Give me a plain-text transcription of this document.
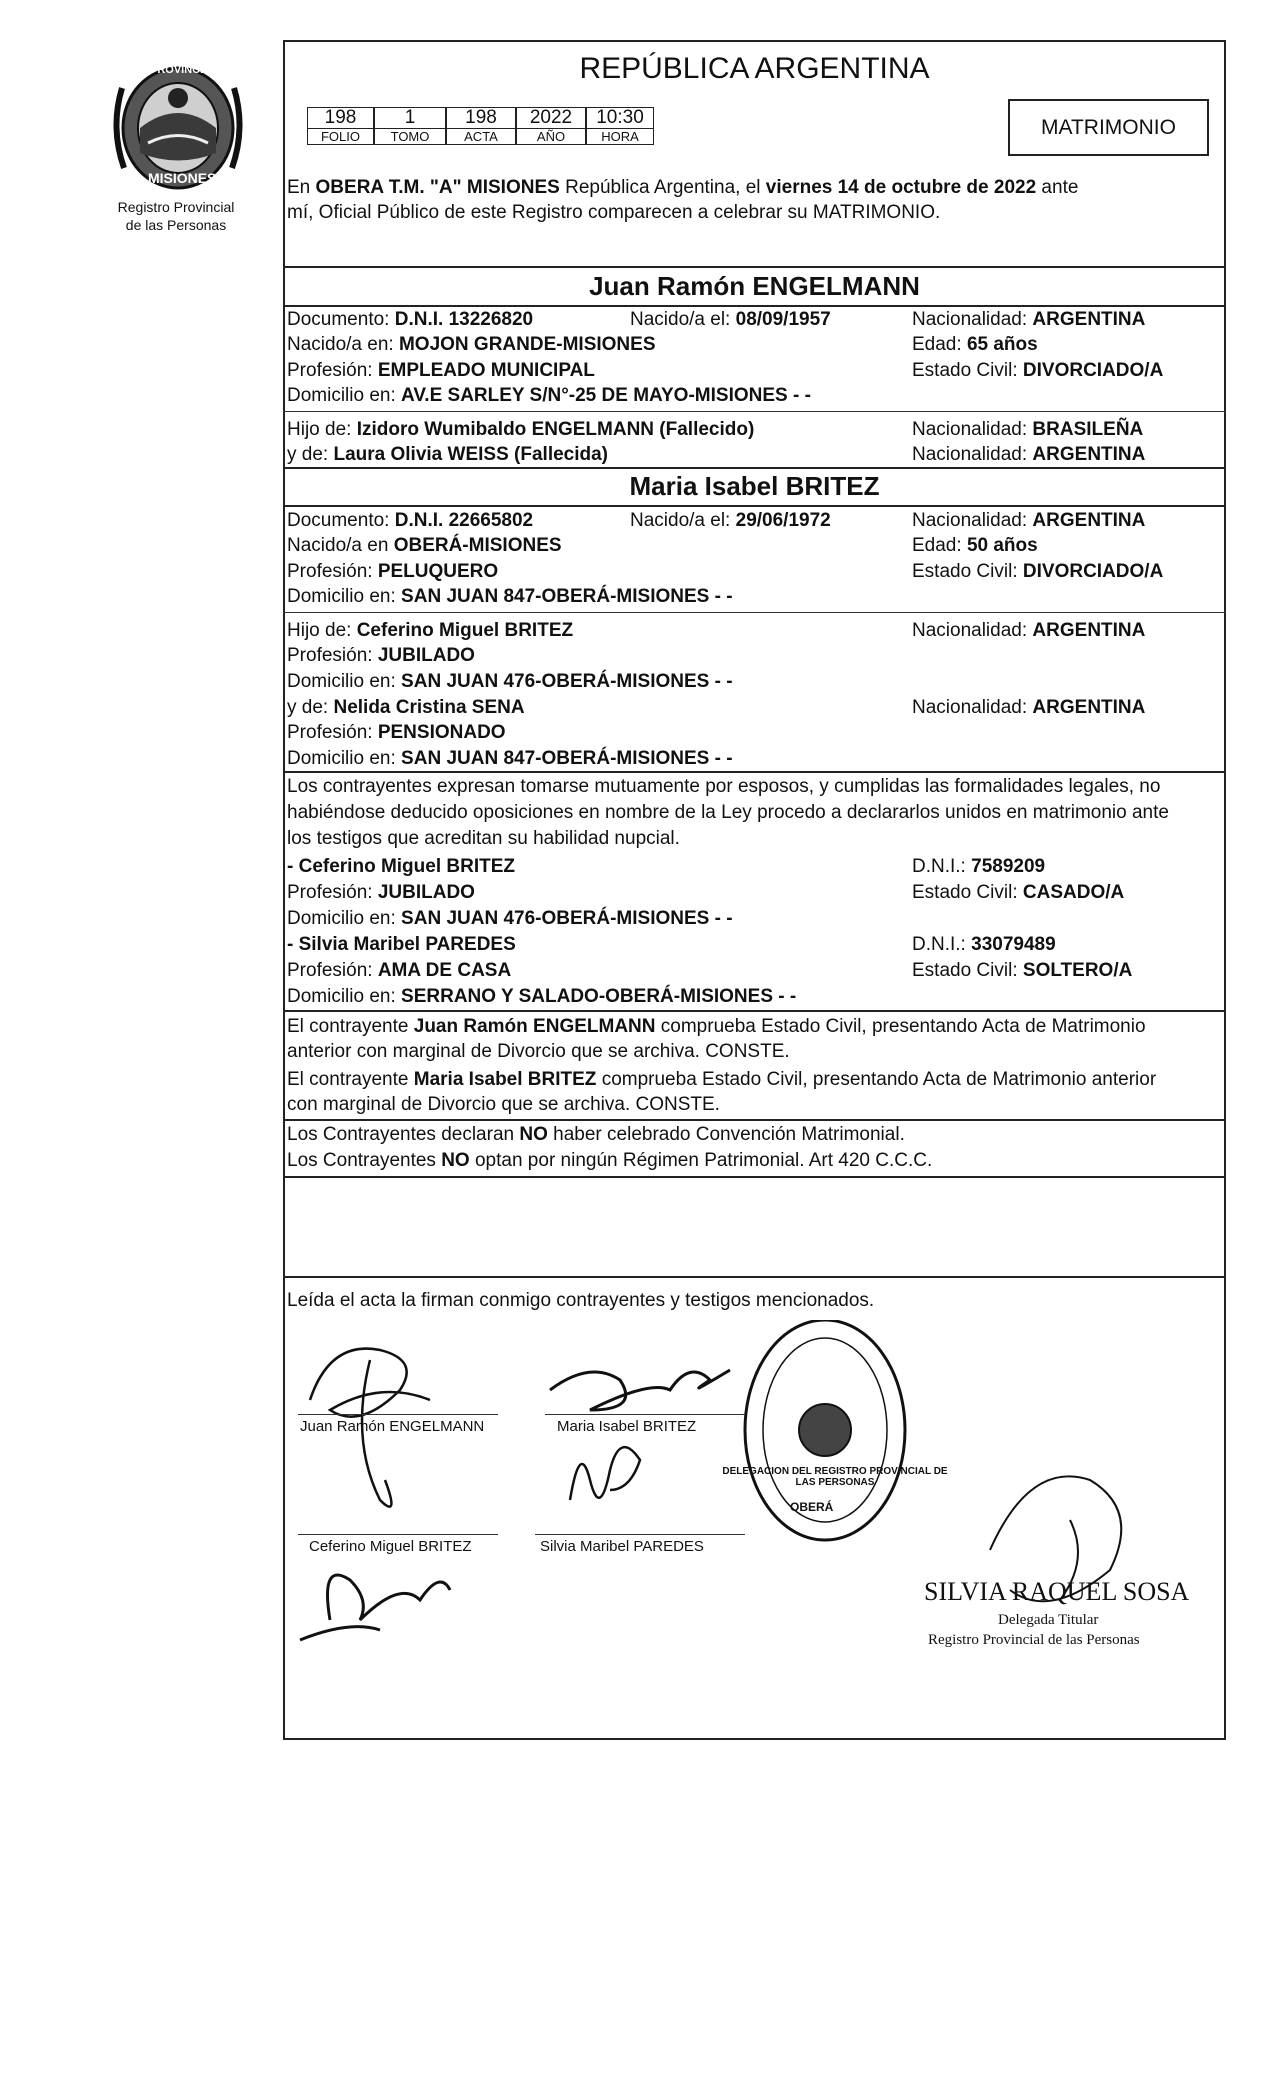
PROVINCIA DE
MISIONES
Registro Provincial
de las Personas
REPÚBLICA ARGENTINA
198	1	198	2022	10:30
FOLIO	TOMO	ACTA	AÑO	HORA	MATRIMONIO
En OBERA T.M. "A" MISIONES República Argentina, el viernes 14 de octubre de 2022 ante
mí, Oficial Público de este Registro comparecen a celebrar su MATRIMONIO.
Juan Ramón ENGELMANN
Documento: D.N.I. 13226820	Nacido/a el: 08/09/1957	Nacionalidad: ARGENTINA
Nacido/a en: MOJON GRANDE-MISIONES	Edad: 65 años
Profesión: EMPLEADO MUNICIPAL	Estado Civil: DIVORCIADO/A
Domicilio en: AV.E SARLEY S/N°-25 DE MAYO-MISIONES - -
Hijo de: Izidoro Wumibaldo ENGELMANN (Fallecido)	Nacionalidad: BRASILEÑA
y de: Laura Olivia WEISS (Fallecida)	Nacionalidad: ARGENTINA
Maria Isabel BRITEZ
Documento: D.N.I. 22665802	Nacido/a el: 29/06/1972	Nacionalidad: ARGENTINA
Nacido/a en OBERÁ-MISIONES	Edad: 50 años
Profesión: PELUQUERO	Estado Civil: DIVORCIADO/A
Domicilio en: SAN JUAN 847-OBERÁ-MISIONES - -
Hijo de: Ceferino Miguel BRITEZ	Nacionalidad: ARGENTINA
Profesión: JUBILADO
Domicilio en: SAN JUAN 476-OBERÁ-MISIONES - -
y de: Nelida Cristina SENA	Nacionalidad: ARGENTINA
Profesión: PENSIONADO
Domicilio en: SAN JUAN 847-OBERÁ-MISIONES - -
Los contrayentes expresan tomarse mutuamente por esposos, y cumplidas las formalidades legales, no
habiéndose deducido oposiciones en nombre de la Ley procedo a declararlos unidos en matrimonio ante
los testigos que acreditan su habilidad nupcial.
- Ceferino Miguel BRITEZ	D.N.I.: 7589209
Profesión: JUBILADO	Estado Civil: CASADO/A
Domicilio en: SAN JUAN 476-OBERÁ-MISIONES - -
- Silvia Maribel PAREDES	D.N.I.: 33079489
Profesión: AMA DE CASA	Estado Civil: SOLTERO/A
Domicilio en: SERRANO Y SALADO-OBERÁ-MISIONES - -
El contrayente Juan Ramón ENGELMANN comprueba Estado Civil, presentando Acta de Matrimonio
anterior con marginal de Divorcio que se archiva. CONSTE.
El contrayente Maria Isabel BRITEZ comprueba Estado Civil, presentando Acta de Matrimonio anterior
con marginal de Divorcio que se archiva. CONSTE.
Los Contrayentes declaran NO haber celebrado Convención Matrimonial.
Los Contrayentes NO optan por ningún Régimen Patrimonial. Art 420 C.C.C.
Leída el acta la firman conmigo contrayentes y testigos mencionados.
DELEGACION DEL REGISTRO PROVINCIAL DE LAS PERSONAS
OBERÁ
Juan Ramón ENGELMANN	Maria Isabel BRITEZ
Ceferino Miguel BRITEZ	Silvia Maribel PAREDES
SILVIA RAQUEL SOSA
Delegada Titular
Registro Provincial de las Personas
